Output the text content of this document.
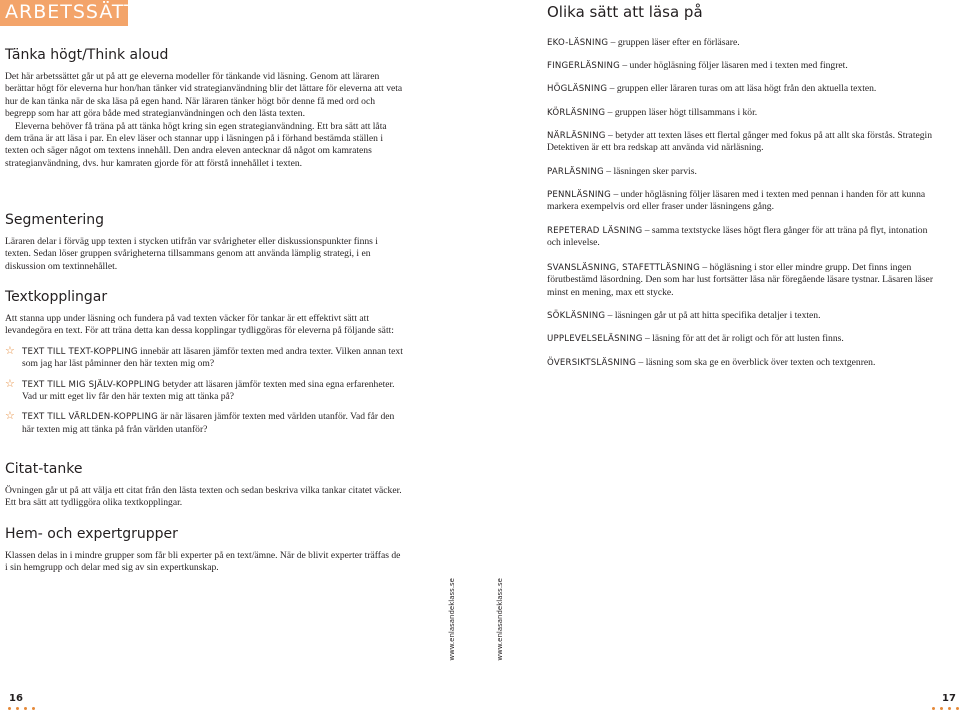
ARBETSSÄTT
Tänka högt/Think aloud

Det här arbetssättet går ut på att ge eleverna modeller för tänkande vid läsning. Genom att läraren berättar högt för eleverna hur hon/han tänker vid strategianvändning blir det lättare för eleverna att veta hur de kan tänka när de ska läsa på egen hand. När läraren tänker högt bör denne få med ord och begrepp som har att göra både med strategianvändningen och den lästa texten.

Eleverna behöver få träna på att tänka högt kring sin egen strategianvändning. Ett bra sätt att låta dem träna är att läsa i par. En elev läser och stannar upp i läsningen på i förhand bestämda ställen i texten och säger något om textens innehåll. Den andra eleven antecknar då något om kamratens strategianvändning, dvs. hur kamraten gjorde för att förstå innehållet i texten.

Segmentering

Läraren delar i förväg upp texten i stycken utifrån var svårigheter eller diskussionspunkter finns i texten. Sedan löser gruppen svårigheterna tillsammans genom att använda lämplig strategi, i en diskussion om textinnehållet.

Textkopplingar

Att stanna upp under läsning och fundera på vad texten väcker för tankar är ett effektivt sätt att levandegöra en text. För att träna detta kan dessa kopplingar tydliggöras för eleverna på följande sätt:

☆ TEXT TILL TEXT-KOPPLING innebär att läsaren jämför texten med andra texter. Vilken annan text som jag har läst påminner den här texten mig om?

☆ TEXT TILL MIG SJÄLV-KOPPLING betyder att läsaren jämför texten med sina egna erfarenheter. Vad ur mitt eget liv får den här texten mig att tänka på?

☆ TEXT TILL VÄRLDEN-KOPPLING är när läsaren jämför texten med världen utanför. Vad får den här texten mig att tänka på från världen utanför?

Citat-tanke

Övningen går ut på att välja ett citat från den lästa texten och sedan beskriva vilka tankar citatet väcker. Ett bra sätt att tydliggöra olika textkopplingar.

Hem- och expertgrupper

Klassen delas in i mindre grupper som får bli experter på en text/ämne. När de blivit experter träffas de i sin hemgrupp och delar med sig av sin expertkunskap.

www.enlasandeklass.se
16
www.enlasandeklass.se
Olika sätt att läsa på

EKO-LÄSNING – gruppen läser efter en förläsare.

FINGERLÄSNING – under högläsning följer läsaren med i texten med fingret.

HÖGLÄSNING – gruppen eller läraren turas om att läsa högt från den aktuella texten.

KÖRLÄSNING – gruppen läser högt tillsammans i kör.

NÄRLÄSNING – betyder att texten läses ett flertal gånger med fokus på att allt ska förstås. Strategin Detektiven är ett bra redskap att använda vid närläsning.

PARLÄSNING – läsningen sker parvis.

PENNLÄSNING – under högläsning följer läsaren med i texten med pennan i handen för att kunna markera exempelvis ord eller fraser under läsningens gång.

REPETERAD LÄSNING – samma textstycke läses högt flera gånger för att träna på flyt, intonation och inlevelse.

SVANSLÄSNING, STAFETTLÄSNING – högläsning i stor eller mindre grupp. Det finns ingen förutbestämd läsordning. Den som har lust fortsätter läsa när föregående läsare tystnar. Läsaren läser minst en mening, max ett stycke.

SÖKLÄSNING – läsningen går ut på att hitta specifika detaljer i texten.

UPPLEVELSELÄSNING – läsning för att det är roligt och för att lusten finns.

ÖVERSIKTSLÄSNING – läsning som ska ge en överblick över texten och textgenren.

17
